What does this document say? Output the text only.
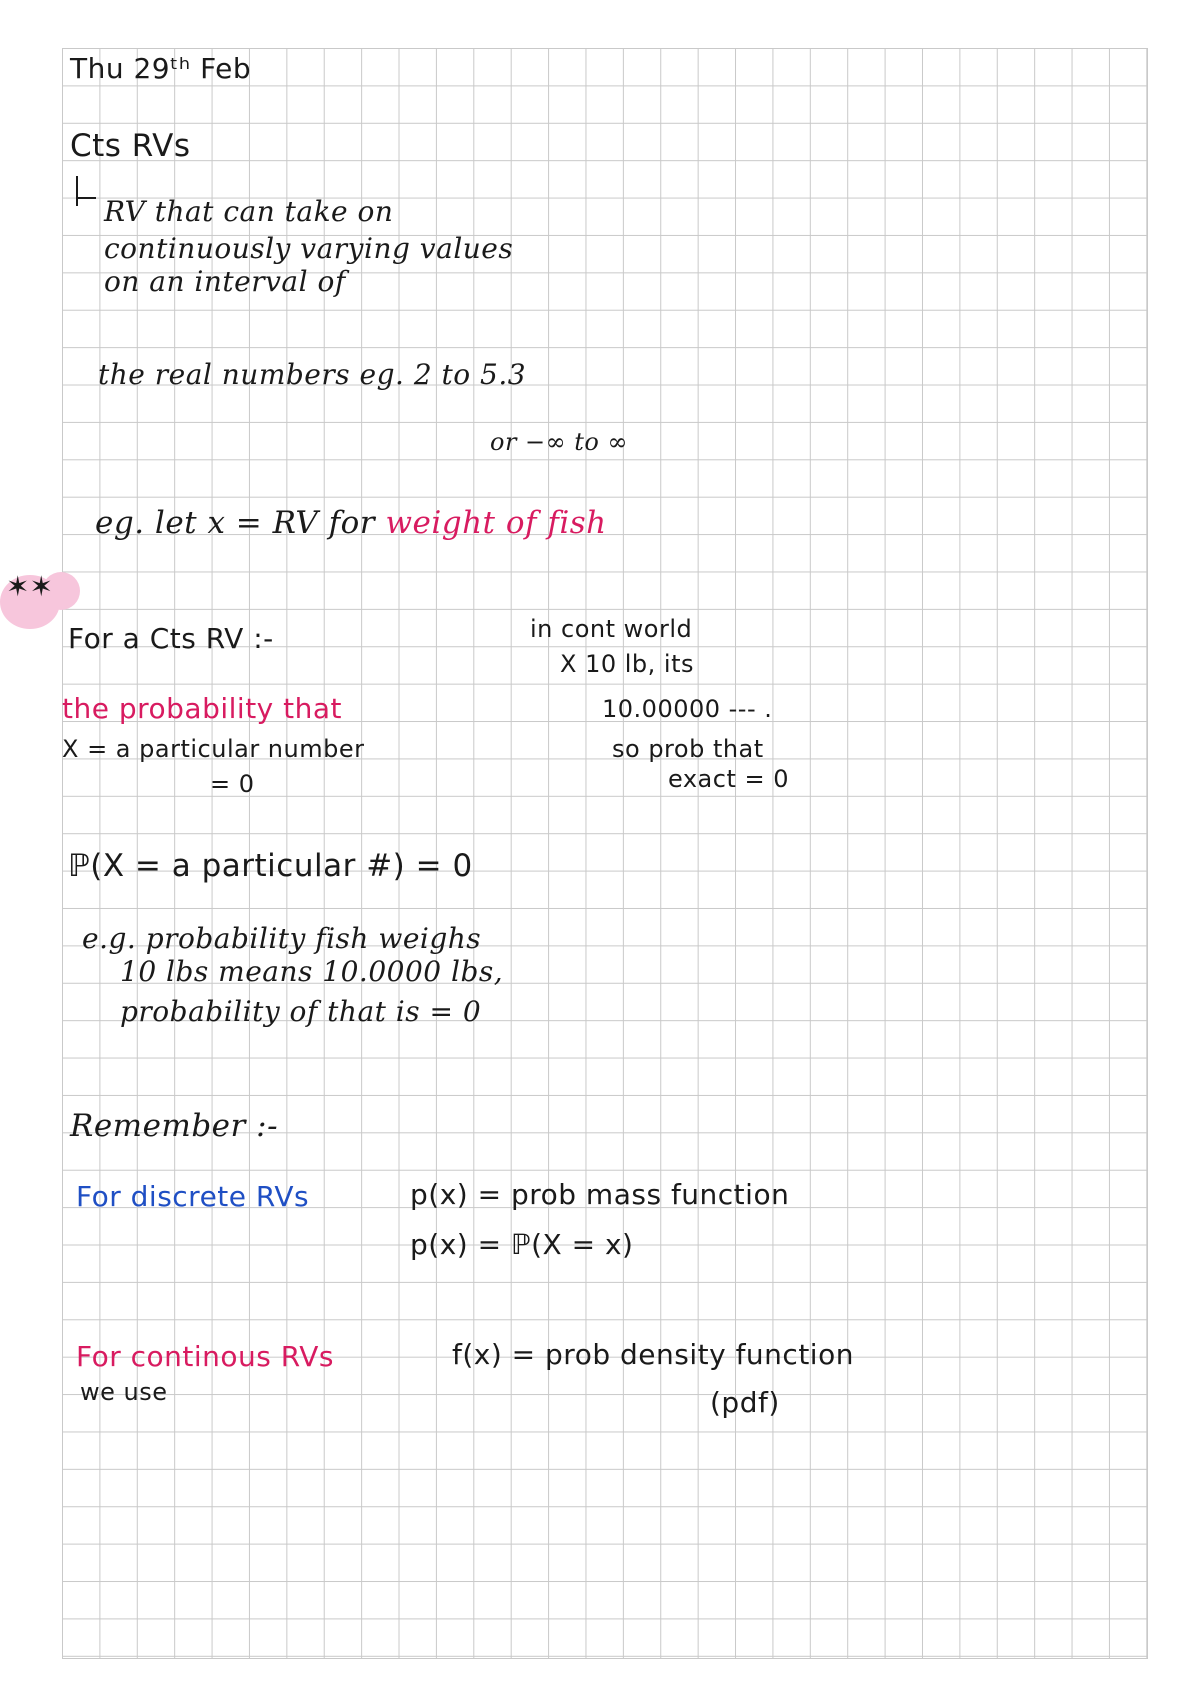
Thu 29ᵗʰ Feb
Cts RVs
RV that can take on
continuously varying values
on an interval of
the real numbers eg. 2 to 5.3
or −∞ to ∞
eg. let x = RV for weight of fish
✶✶
For a Cts RV :-
the probability that
X = a particular number
= 0
in cont world
X 10 lb, its
10.00000 --- .
so prob that
exact = 0
ℙ(X = a particular #) = 0
e.g. probability fish weighs
10 lbs means 10.0000 lbs,
probability of that is = 0
Remember :-
For discrete RVs	p(x) = prob mass function
p(x) = ℙ(X = x)
For continous RVs
we use
f(x) = prob density function
(pdf)
